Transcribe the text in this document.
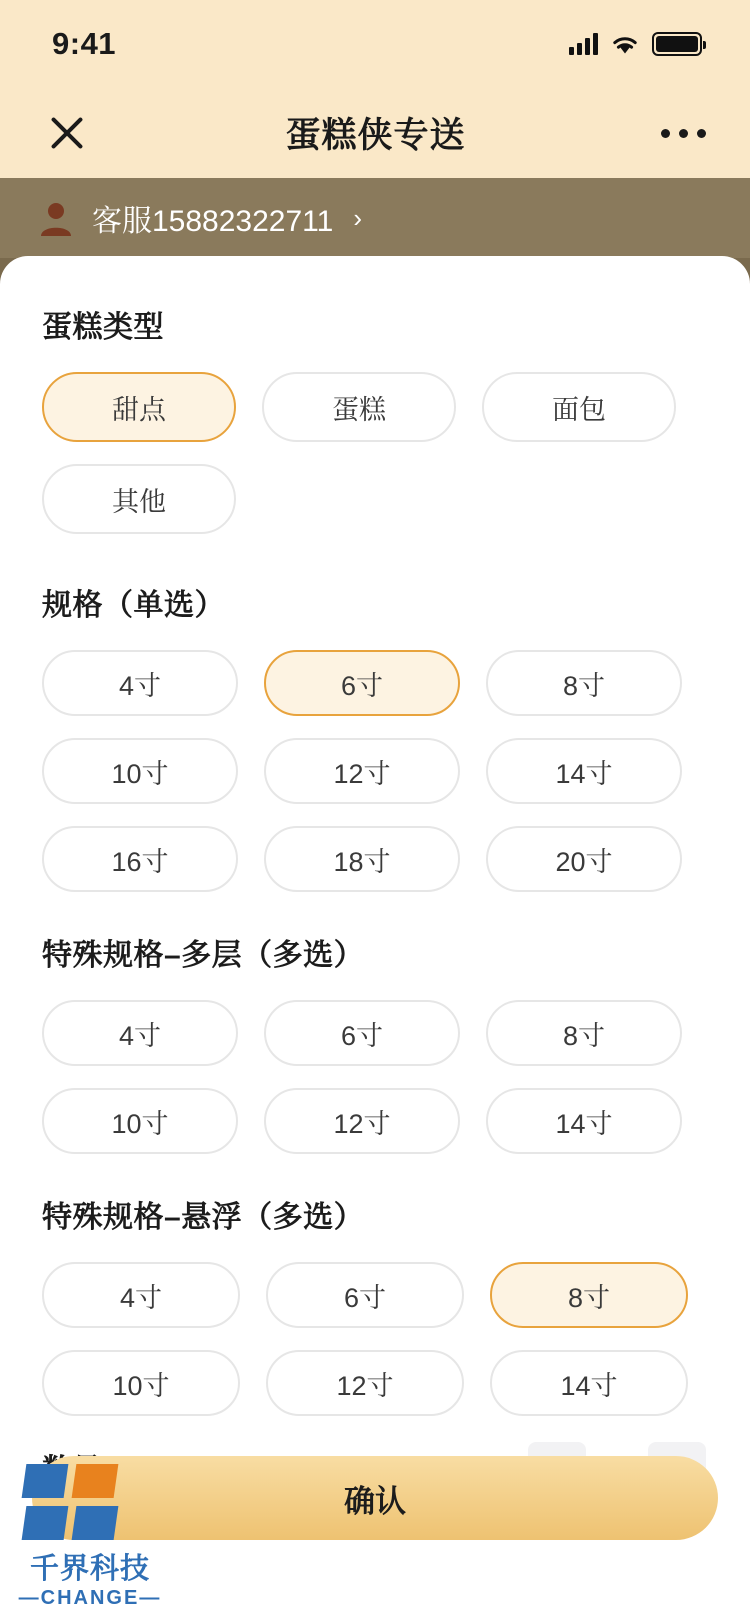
9:41
蛋糕侠专送
客服15882322711 ›
蛋糕类型
甜点	蛋糕	面包
其他
规格（单选）
4寸	6寸	8寸
10寸	12寸	14寸
16寸	18寸	20寸
特殊规格–多层（多选）
4寸	6寸	8寸
10寸	12寸	14寸
特殊规格–悬浮（多选）
4寸	6寸	8寸
10寸	12寸	14寸
确认
千界科技
—CHANGE—
